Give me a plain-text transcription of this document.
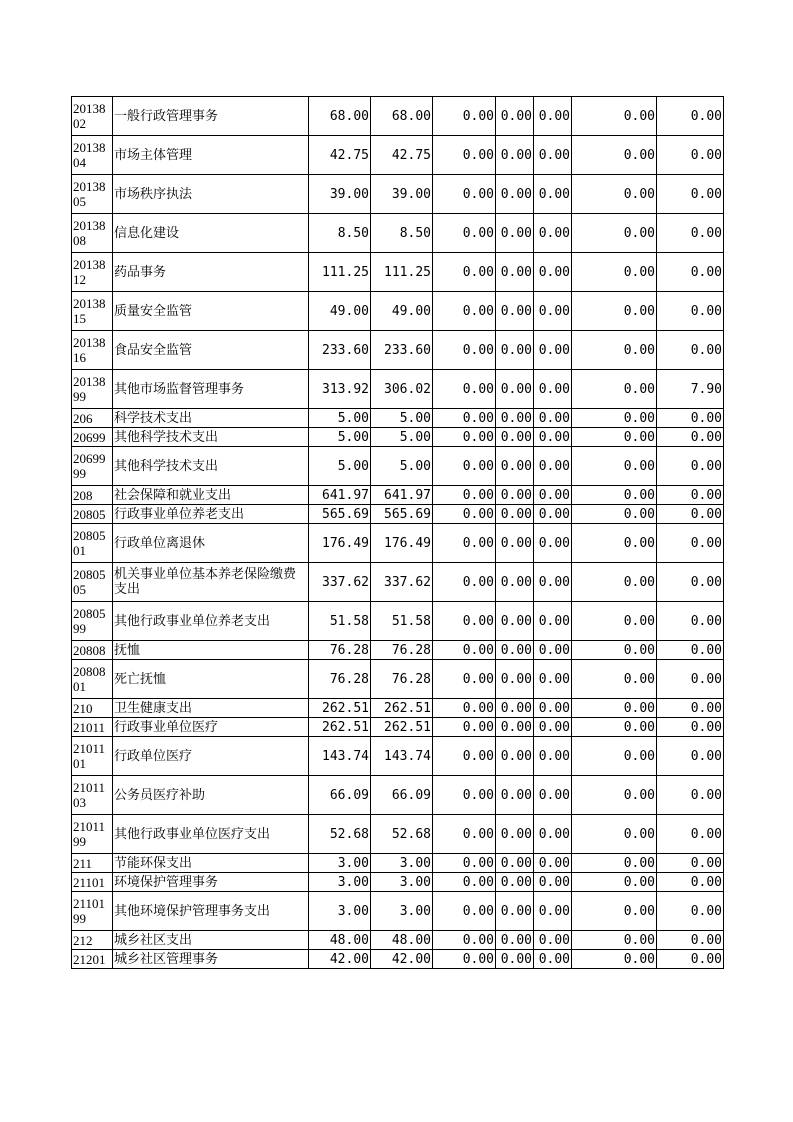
2013802	一般行政管理事务	68.00	68.00	0.00	0.00	0.00	0.00	0.00
2013804	市场主体管理	42.75	42.75	0.00	0.00	0.00	0.00	0.00
2013805	市场秩序执法	39.00	39.00	0.00	0.00	0.00	0.00	0.00
2013808	信息化建设	8.50	8.50	0.00	0.00	0.00	0.00	0.00
2013812	药品事务	111.25	111.25	0.00	0.00	0.00	0.00	0.00
2013815	质量安全监管	49.00	49.00	0.00	0.00	0.00	0.00	0.00
2013816	食品安全监管	233.60	233.60	0.00	0.00	0.00	0.00	0.00
2013899	其他市场监督管理事务	313.92	306.02	0.00	0.00	0.00	0.00	7.90
206	科学技术支出	5.00	5.00	0.00	0.00	0.00	0.00	0.00
20699	其他科学技术支出	5.00	5.00	0.00	0.00	0.00	0.00	0.00
2069999	其他科学技术支出	5.00	5.00	0.00	0.00	0.00	0.00	0.00
208	社会保障和就业支出	641.97	641.97	0.00	0.00	0.00	0.00	0.00
20805	行政事业单位养老支出	565.69	565.69	0.00	0.00	0.00	0.00	0.00
2080501	行政单位离退休	176.49	176.49	0.00	0.00	0.00	0.00	0.00
2080505	机关事业单位基本养老保险缴费支出	337.62	337.62	0.00	0.00	0.00	0.00	0.00
2080599	其他行政事业单位养老支出	51.58	51.58	0.00	0.00	0.00	0.00	0.00
20808	抚恤	76.28	76.28	0.00	0.00	0.00	0.00	0.00
2080801	死亡抚恤	76.28	76.28	0.00	0.00	0.00	0.00	0.00
210	卫生健康支出	262.51	262.51	0.00	0.00	0.00	0.00	0.00
21011	行政事业单位医疗	262.51	262.51	0.00	0.00	0.00	0.00	0.00
2101101	行政单位医疗	143.74	143.74	0.00	0.00	0.00	0.00	0.00
2101103	公务员医疗补助	66.09	66.09	0.00	0.00	0.00	0.00	0.00
2101199	其他行政事业单位医疗支出	52.68	52.68	0.00	0.00	0.00	0.00	0.00
211	节能环保支出	3.00	3.00	0.00	0.00	0.00	0.00	0.00
21101	环境保护管理事务	3.00	3.00	0.00	0.00	0.00	0.00	0.00
2110199	其他环境保护管理事务支出	3.00	3.00	0.00	0.00	0.00	0.00	0.00
212	城乡社区支出	48.00	48.00	0.00	0.00	0.00	0.00	0.00
21201	城乡社区管理事务	42.00	42.00	0.00	0.00	0.00	0.00	0.00
